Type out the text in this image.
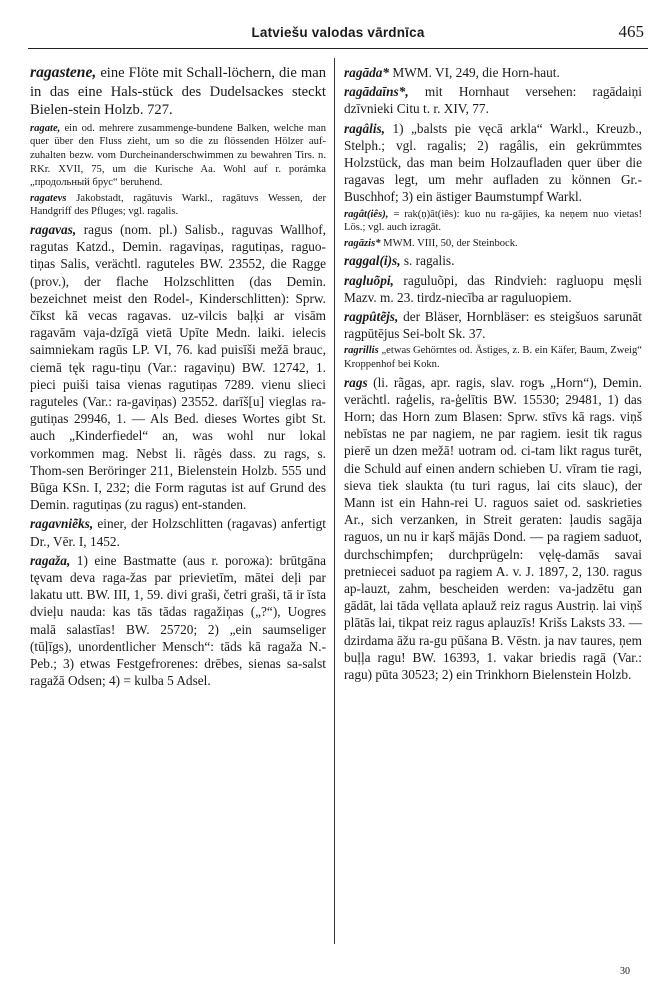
Latviešu valodas vārdnīca	465

ragastene, eine Flöte mit Schall-löchern, die man in das eine Hals-stück des Dudelsackes steckt Bielen-stein Holzb. 727.

ragate, ein od. mehrere zusammenge-bundene Balken, welche man quer über den Fluss zieht, um so die zu flössenden Hölzer auf-zuhalten bezw. vom Durcheinanderschwimmen zu bewahren Tirs. n. RKr. XVII, 75, um die Kurische Aa. Wohl auf r. porámka „продольный брус“ beruhend.

ragatevs Jakobstadt, ragātuvis Warkl., ragātuvs Wessen, der Handgriff des Pfluges; vgl. ragalis.

ragavas, ragus (nom. pl.) Salisb., raguvas Wallhof, ragutas Katzd., Demin. ragaviņas, ragutiņas, raguo-tiņas Salis, verächtl. raguteles BW. 23552, die Ragge (prov.), der flache Holzschlitten (das Demin. bezeichnet meist den Rodel-, Kinderschlitten): Sprw. čīkst kā vecas ragavas. uz-vilcis baļķi ar visām ragavām vaja-dzīgā vietā Upīte Medn. laiki. ielecis saimniekam ragūs LP. VI, 76. kad puisīši mežā brauc, ciemā tęk ragu-tiņu (Var.: ragaviņu) BW. 12742, 1. pieci puiši taisa vienas ragutiņas 7289. vienu slieci raguteles (Var.: ra-gaviņas) 23552. darīš[u] vieglas ra-gutiņas 29946, 1. — Als Bed. dieses Wortes gibt St. auch „Kinderfiedel“ an, was wohl nur lokal vorkommen mag. Nebst li. rãgės dass. zu rags, s. Thom-sen Beröringer 211, Bielenstein Holzb. 555 und Būga KSn. I, 232; die Form ragutas ist auf Grund des Demin. ragutiņas (zu ragus) ent-standen.

ragavniẽks, einer, der Holzschlitten (ragavas) anfertigt Dr., Vēr. I, 1452.

ragaža, 1) eine Bastmatte (aus r. рогожа): brūtgāna tęvam deva raga-žas par prievietīm, mātei deļi par lakatu utt. BW. III, 1, 59. divi graši, četri graši, tā ir īsta dvieļu nauda: kas tās tādas ragažiņas („?“), Uogres malā salastīas! BW. 25720; 2) „ein saumseliger (tūļīgs), unordentlicher Mensch“: tāds kā ragaža N.-Peb.; 3) etwas Festgefrorenes: drēbes, sienas sa-salst ragažā Odsen; 4) = kulba 5 Adsel.

ragāda* MWM. VI, 249, die Horn-haut.

ragādaīns*, mit Hornhaut versehen: ragādaiņi dzīvnieki Citu t. r. XIV, 77.

ragâlis, 1) „balsts pie vęcā arkla“ Warkl., Kreuzb., Stelph.; vgl. ragalis; 2) ragâlis, ein gekrümmtes Holzstück, das man beim Holzaufladen quer über die ragavas legt, um mehr aufladen zu können Gr.-Buschhof; 3) ein ästiger Baumstumpf Warkl.

ragât(iês), = rak(ņ)ât(iês): kuo nu ra-gājies, ka neņem nuo vietas! Lös.; vgl. auch izragāt.

ragāzis* MWM. VIII, 50, der Steinbock.

raggal(i)s, s. ragalis.

ragluõpi, raguluõpi, das Rindvieh: ragluopu męsli Mazv. m. 23. tirdz-niecība ar raguluopiem.

ragpûtẽjs, der Bläser, Hornbläser: es steigšuos sarunāt ragpūtējus Sei-bolt Sk. 37.

ragrillis „etwas Gehörntes od. Ästiges, z. B. ein Käfer, Baum, Zweig“ Kroppenhof bei Kokn.

rags (li. rãgas, apr. ragis, slav. rogъ „Horn“), Demin. verächtl. raģelis, ra-ģelītis BW. 15530; 29481, 1) das Horn; das Horn zum Blasen: Sprw. stīvs kā rags. viņš nebīstas ne par nagiem, ne par ragiem. iesit tik ragus pierē un dzen mežā! uotram od. ci-tam likt ragus turēt, die Schuld auf einen andern schieben U. vīram tie ragi, sieva tiek slaukta (tu turi ragus, lai cits slauc), der Mann ist ein Hahn-rei U. raguos saiet od. saskrieties Ar., sich verzanken, in Streit geraten: ļaudis sagāja raguos, un nu ir kaŗš mājās Dond. — pa ragiem saduot, durchschimpfen; durchprügeln: vęlę-damās savai pretniecei saduot pa ragiem A. v. J. 1897, 2, 130. ragus ap-lauzt, zahm, bescheiden werden: va-jadzētu gan gādāt, lai tāda vęllata aplauž reiz ragus Austriņ. lai viņš plātās lai, tikpat reiz ragus aplauzīs! Krišs Laksts 33. — dzirdama āžu ra-gu pūšana B. Vēstn. ja nav taures, ņem buļļa ragu! BW. 16393, 1. vakar briedis ragā (Var.: ragu) pūta 30523; 2) ein Trinkhorn Bielenstein Holzb.

30
